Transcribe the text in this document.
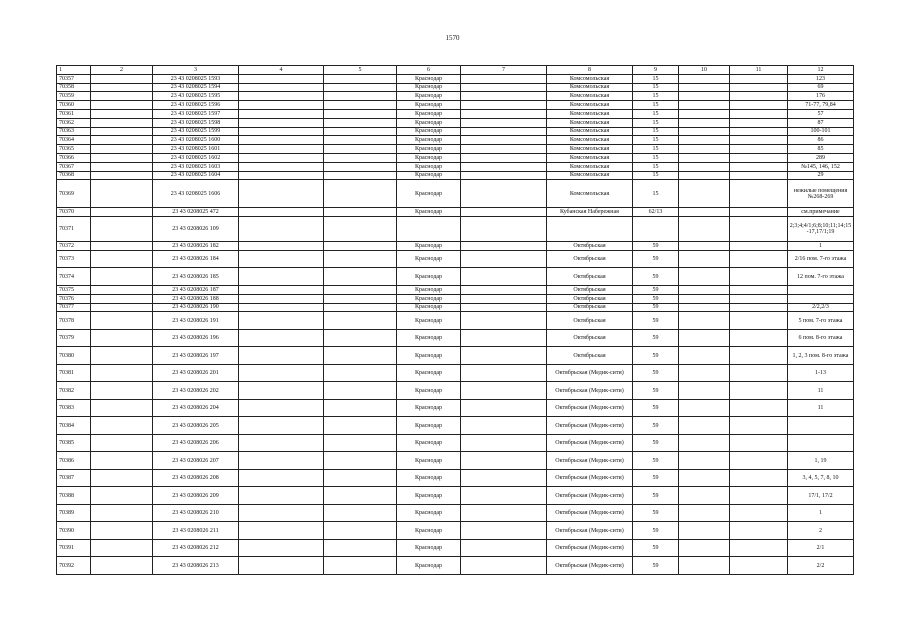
1570
1	2	3	4	5	6	7	8	9	10	11	12
70357		23 43 0208025 1593			Краснодар		Комсомольская	15			123
70358		23 43 0208025 1594			Краснодар		Комсомольская	15			69
70359		23 43 0208025 1595			Краснодар		Комсомольская	15			176
70360		23 43 0208025 1596			Краснодар		Комсомольская	15			71-77, 79,84
70361		23 43 0208025 1597			Краснодар		Комсомольская	15			57
70362		23 43 0208025 1598			Краснодар		Комсомольская	15			87
70363		23 43 0208025 1599			Краснодар		Комсомольская	15			100-101
70364		23 43 0208025 1600			Краснодар		Комсомольская	15			86
70365		23 43 0208025 1601			Краснодар		Комсомольская	15			85
70366		23 43 0208025 1602			Краснодар		Комсомольская	15			289
70367		23 43 0208025 1603			Краснодар		Комсомольская	15			№145, 146, 152
70368		23 43 0208025 1604			Краснодар		Комсомольская	15			29
70369		23 43 0208025 1606			Краснодар		Комсомольская	15			нежилые помещения №268-269
70370		23 43 0208025 472			Краснодар		Кубанская Набережная	62/13			см.примечание
70371		23 43 0208026 109									2;3;4;4/1;6;8;10;11;14;15-17,17/1;19
70372		23 43 0208026 182			Краснодар		Октябрьская	59			1
70373		23 43 0208026 184			Краснодар		Октябрьская	59			2/16 пом. 7-го этажа
70374		23 43 0208026 185			Краснодар		Октябрьская	59			12 пом. 7-го этажа
70375		23 43 0208026 187			Краснодар		Октябрьская	59			
70376		23 43 0208026 188			Краснодар		Октябрьская	59			
70377		23 43 0208026 190			Краснодар		Октябрьская	59			2/2,2/3
70378		23 43 0208026 191			Краснодар		Октябрьская	59			5 пом. 7-го этажа
70379		23 43 0208026 196			Краснодар		Октябрьская	59			6 пом. 8-го этажа
70380		23 43 0208026 197			Краснодар		Октябрьская	59			1, 2, 3 пом. 8-го этажа
70381		23 43 0208026 201			Краснодар		Октябрьская (Медик-сити)	59			1-13
70382		23 43 0208026 202			Краснодар		Октябрьская (Медик-сити)	59			11
70383		23 43 0208026 204			Краснодар		Октябрьская (Медик-сити)	59			11
70384		23 43 0208026 205			Краснодар		Октябрьская (Медик-сити)	59			
70385		23 43 0208026 206			Краснодар		Октябрьская (Медик-сити)	59			
70386		23 43 0208026 207			Краснодар		Октябрьская (Медик-сити)	59			1, 19
70387		23 43 0208026 208			Краснодар		Октябрьская (Медик-сити)	59			3, 4, 5, 7, 8, 10
70388		23 43 0208026 209			Краснодар		Октябрьская (Медик-сити)	59			17/1, 17/2
70389		23 43 0208026 210			Краснодар		Октябрьская (Медик-сити)	59			1
70390		23 43 0208026 211			Краснодар		Октябрьская (Медик-сити)	59			2
70391		23 43 0208026 212			Краснодар		Октябрьская (Медик-сити)	59			2/1
70392		23 43 0208026 213			Краснодар		Октябрьская (Медик-сити)	59			2/2
